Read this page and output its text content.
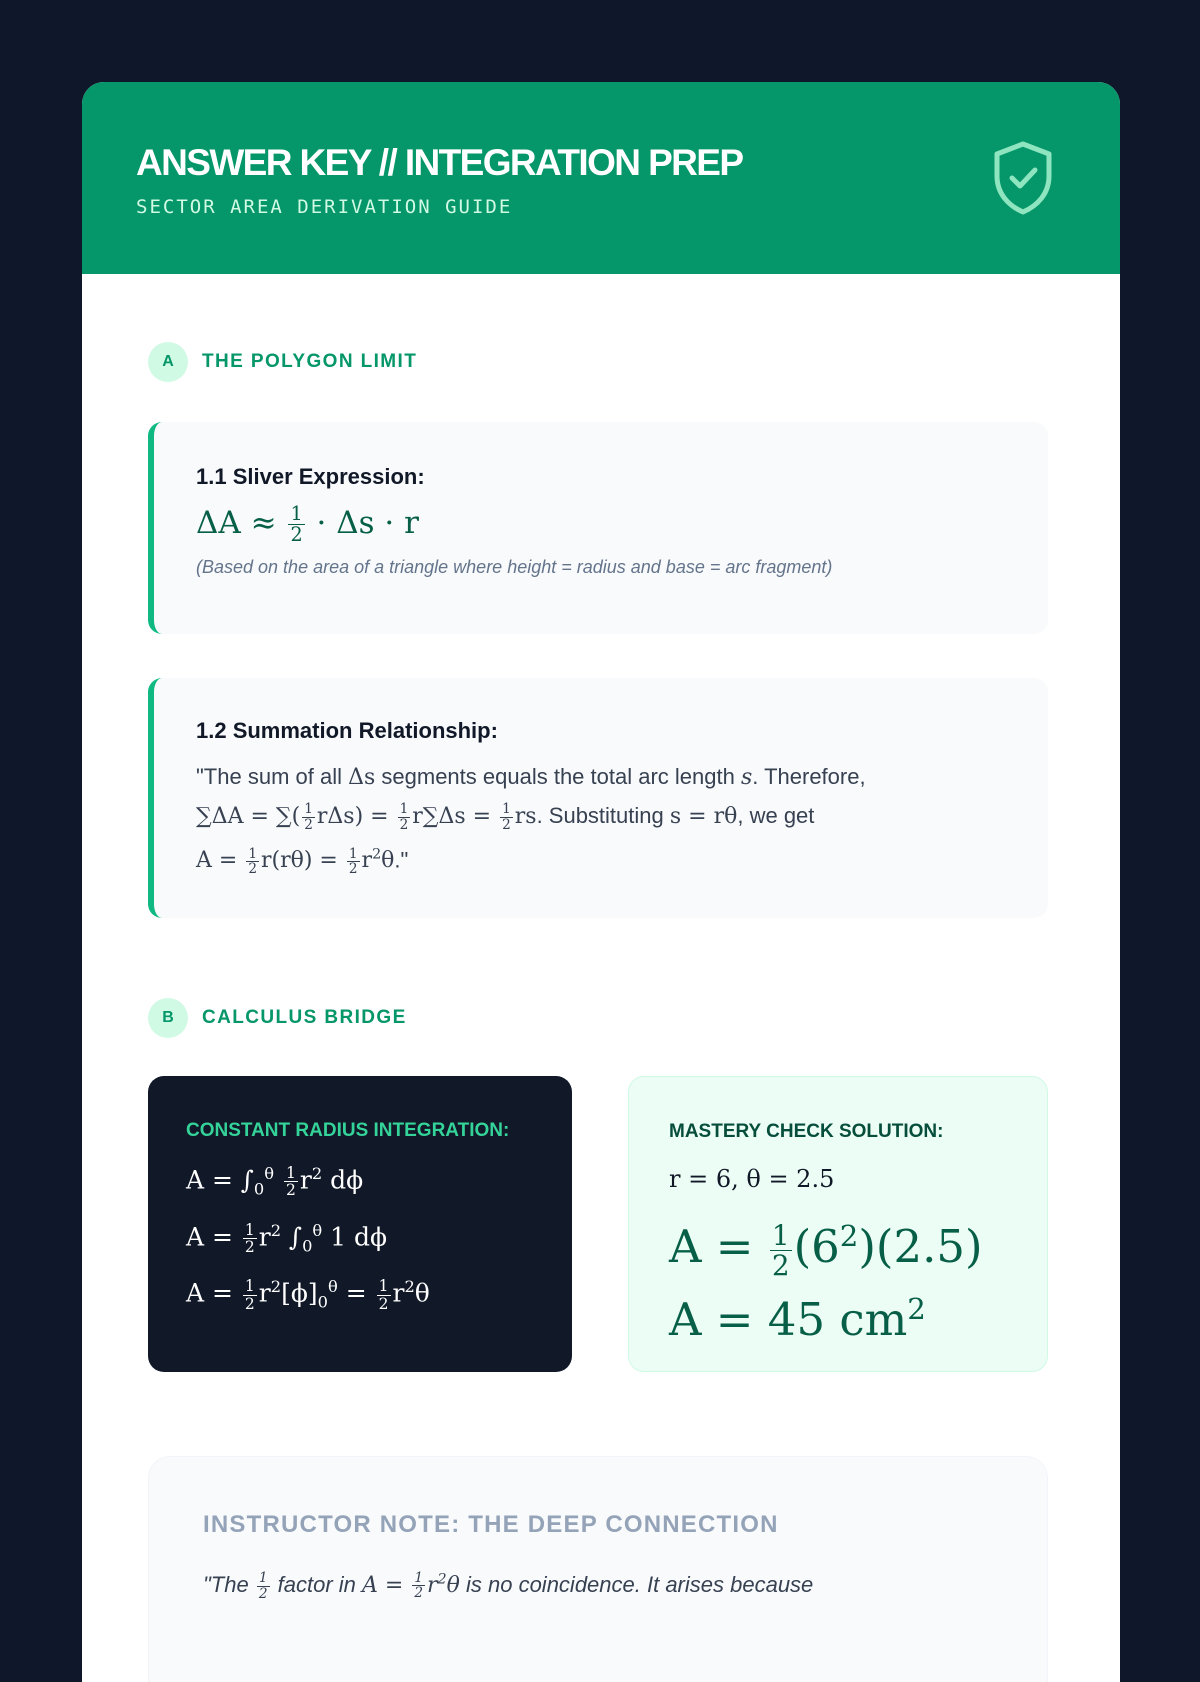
ANSWER KEY // INTEGRATION PREP
SECTOR AREA DERIVATION GUIDE
A	THE POLYGON LIMIT
1.1 Sliver Expression:
$\Delta A \approx \frac{1}{2} \cdot \Delta s \cdot r$
(Based on the area of a triangle where height = radius and base = arc fragment)
1.2 Summation Relationship:
"The sum of all Δs segments equals the total arc length s. Therefore,
∑ΔA = ∑( $\frac{1}{2} r\Delta s) = \frac{1}{2} r\sum\Delta s = \frac{1}{2}$ rs. Substituting s = rθ, we get
$A = \frac{1}{2} r(r\theta) = \frac{1}{2} r^2\theta$."
B	CALCULUS BRIDGE
CONSTANT RADIUS INTEGRATION:
$A = \int_0^\theta \frac{1}{2} r^2$ dϕ
$A = \frac{1}{2} r^2$ $\int_0^\theta$ 1 dϕ
$A = \frac{1}{2} r^2[\phi]_0^\theta = \frac{1}{2} r^2\theta$
MASTERY CHECK SOLUTION:
r = 6, θ = 2.5
$A = \frac{1}{2} (6^2)(2.5)$
A = 45 $cm^2$
INSTRUCTOR NOTE: THE DEEP CONNECTION
"The $\frac{1}{2}$ factor in $A = \frac{1}{2} r^2\theta$ is no coincidence. It arises because
